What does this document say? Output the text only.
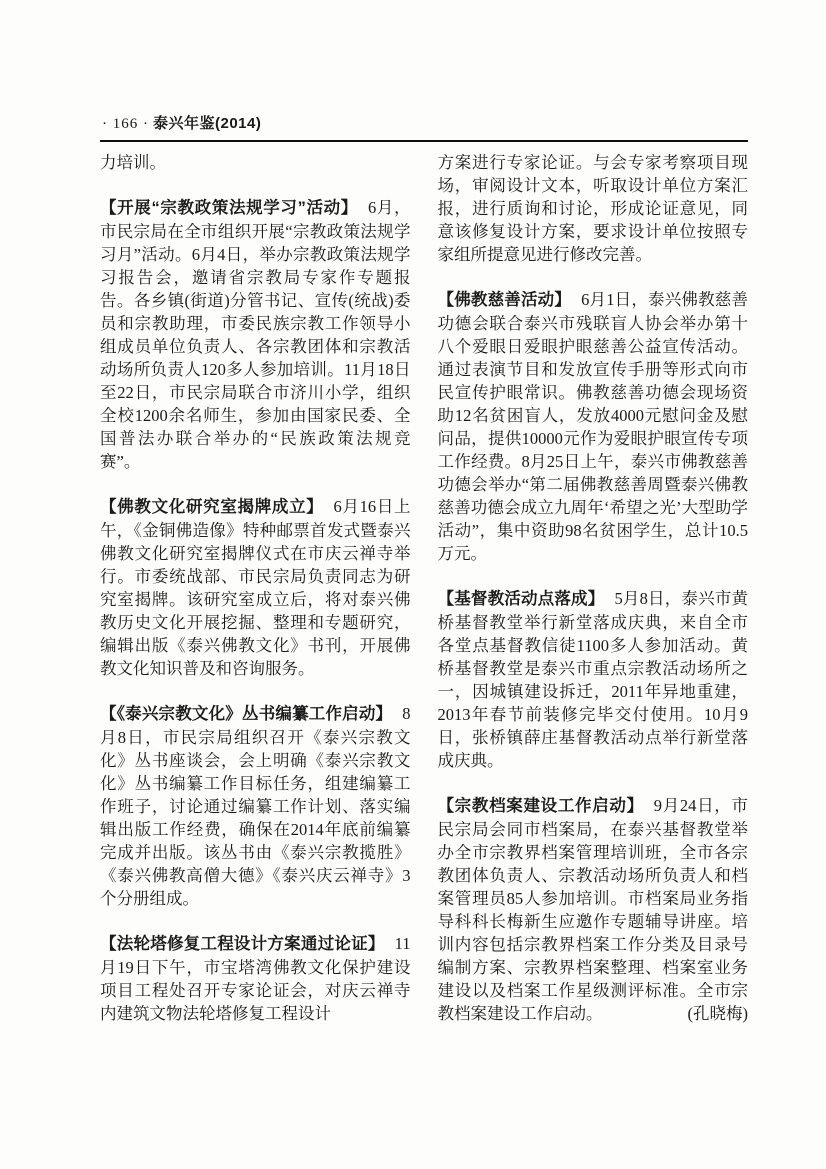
· 166 · 泰兴年鉴(2014)

力培训。

【开展“宗教政策法规学习”活动】 6月，市民宗局在全市组织开展“宗教政策法规学习月”活动。6月4日，举办宗教政策法规学习报告会，邀请省宗教局专家作专题报告。各乡镇(街道)分管书记、宣传(统战)委员和宗教助理，市委民族宗教工作领导小组成员单位负责人、各宗教团体和宗教活动场所负责人120多人参加培训。11月18日至22日，市民宗局联合市济川小学，组织全校1200余名师生，参加由国家民委、全国普法办联合举办的“民族政策法规竞赛”。

【佛教文化研究室揭牌成立】 6月16日上午，《金铜佛造像》特种邮票首发式暨泰兴佛教文化研究室揭牌仪式在市庆云禅寺举行。市委统战部、市民宗局负责同志为研究室揭牌。该研究室成立后，将对泰兴佛教历史文化开展挖掘、整理和专题研究，编辑出版《泰兴佛教文化》书刊，开展佛教文化知识普及和咨询服务。

【《泰兴宗教文化》丛书编纂工作启动】 8月8日，市民宗局组织召开《泰兴宗教文化》丛书座谈会，会上明确《泰兴宗教文化》丛书编纂工作目标任务，组建编纂工作班子，讨论通过编纂工作计划、落实编辑出版工作经费，确保在2014年底前编纂完成并出版。该丛书由《泰兴宗教揽胜》《泰兴佛教高僧大德》《泰兴庆云禅寺》3个分册组成。

【法轮塔修复工程设计方案通过论证】 11月19日下午，市宝塔湾佛教文化保护建设项目工程处召开专家论证会，对庆云禅寺内建筑文物法轮塔修复工程设计

方案进行专家论证。与会专家考察项目现场，审阅设计文本，听取设计单位方案汇报，进行质询和讨论，形成论证意见，同意该修复设计方案，要求设计单位按照专家组所提意见进行修改完善。

【佛教慈善活动】 6月1日，泰兴佛教慈善功德会联合泰兴市残联盲人协会举办第十八个爱眼日爱眼护眼慈善公益宣传活动。通过表演节目和发放宣传手册等形式向市民宣传护眼常识。佛教慈善功德会现场资助12名贫困盲人，发放4000元慰问金及慰问品，提供10000元作为爱眼护眼宣传专项工作经费。8月25日上午，泰兴市佛教慈善功德会举办“第二届佛教慈善周暨泰兴佛教慈善功德会成立九周年‘希望之光’大型助学活动”，集中资助98名贫困学生，总计10.5万元。

【基督教活动点落成】 5月8日，泰兴市黄桥基督教堂举行新堂落成庆典，来自全市各堂点基督教信徒1100多人参加活动。黄桥基督教堂是泰兴市重点宗教活动场所之一，因城镇建设拆迁，2011年异地重建，2013年春节前装修完毕交付使用。10月9日，张桥镇薛庄基督教活动点举行新堂落成庆典。

【宗教档案建设工作启动】 9月24日，市民宗局会同市档案局，在泰兴基督教堂举办全市宗教界档案管理培训班，全市各宗教团体负责人、宗教活动场所负责人和档案管理员85人参加培训。市档案局业务指导科科长梅新生应邀作专题辅导讲座。培训内容包括宗教界档案工作分类及目录号编制方案、宗教界档案整理、档案室业务建设以及档案工作星级测评标准。全市宗教档案建设工作启动。	(孔晓梅)
